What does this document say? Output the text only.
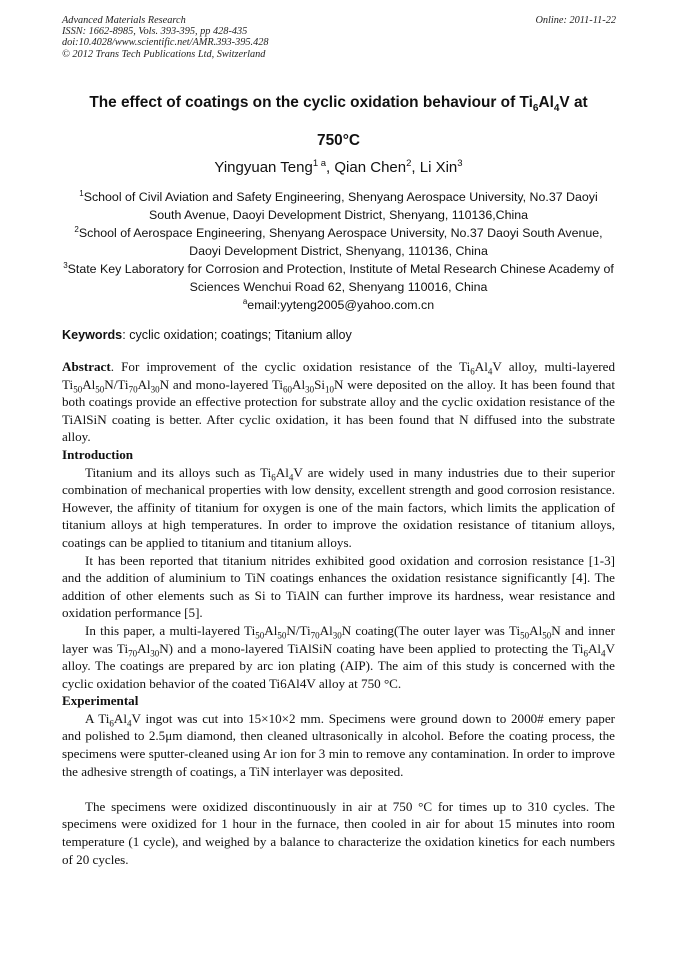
Advanced Materials Research
ISSN: 1662-8985, Vols. 393-395, pp 428-435
doi:10.4028/www.scientific.net/AMR.393-395.428
© 2012 Trans Tech Publications Ltd, Switzerland
Online: 2011-11-22
The effect of coatings on the cyclic oxidation behaviour of $Ti_6Al_4V$ at
750°C
Yingyuan Teng$^{1 a}$, Qian Chen$^2$, Li Xin$^3$
$^1$School of Civil Aviation and Safety Engineering, Shenyang Aerospace University, No.37 Daoyi South Avenue, Daoyi Development District, Shenyang, 110136,China
$^2$School of Aerospace Engineering, Shenyang Aerospace University, No.37 Daoyi South Avenue, Daoyi Development District, Shenyang, 110136, China
$^3$State Key Laboratory for Corrosion and Protection, Institute of Metal Research Chinese Academy of Sciences Wenchui Road 62, Shenyang 110016, China
$^a$email:yyteng2005@yahoo.com.cn
Keywords: cyclic oxidation; coatings; Titanium alloy

Abstract. For improvement of the cyclic oxidation resistance of the $Ti_6Al_4V$ alloy, multi-layered $Ti_{50}Al_{50}N/Ti_{70}Al_{30}N$ and mono-layered $Ti_{60}Al_{30}Si_{10}N$ were deposited on the alloy. It has been found that both coatings provide an effective protection for substrate alloy and the cyclic oxidation resistance of the TiAlSiN coating is better. After cyclic oxidation, it has been found that N diffused into the substrate alloy.

Introduction

Titanium and its alloys such as $Ti_6Al_4V$ are widely used in many industries due to their superior combination of mechanical properties with low density, excellent strength and good corrosion resistance. However, the affinity of titanium for oxygen is one of the main factors, which limits the application of titanium alloys at high temperatures. In order to improve the oxidation resistance of titanium alloys, coatings can be applied to titanium and titanium alloys.

It has been reported that titanium nitrides exhibited good oxidation and corrosion resistance [1-3] and the addition of aluminium to TiN coatings enhances the oxidation resistance significantly [4]. The addition of other elements such as Si to TiAlN can further improve its hardness, wear resistance and oxidation performance [5].

In this paper, a multi-layered $Ti_{50}Al_{50}N/Ti_{70}Al_{30}N$ coating(The outer layer was $Ti_{50}Al_{50}N$ and inner layer was $Ti_{70}Al_{30}N$) and a mono-layered TiAlSiN coating have been applied to protecting the $Ti_6Al_4V$ alloy. The coatings are prepared by arc ion plating (AIP). The aim of this study is concerned with the cyclic oxidation behavior of the coated Ti6Al4V alloy at 750 °C.

Experimental

A $Ti_6Al_4V$ ingot was cut into 15×10×2 mm. Specimens were ground down to 2000# emery paper and polished to 2.5μm diamond, then cleaned ultrasonically in alcohol. Before the coating process, the specimens were sputter-cleaned using Ar ion for 3 min to remove any contamination. In order to improve the adhesive strength of coatings, a TiN interlayer was deposited.

The specimens were oxidized discontinuously in air at 750 °C for times up to 310 cycles. The specimens were oxidized for 1 hour in the furnace, then cooled in air for about 15 minutes into room temperature (1 cycle), and weighed by a balance to characterize the oxidation kinetics for each numbers of 20 cycles.
